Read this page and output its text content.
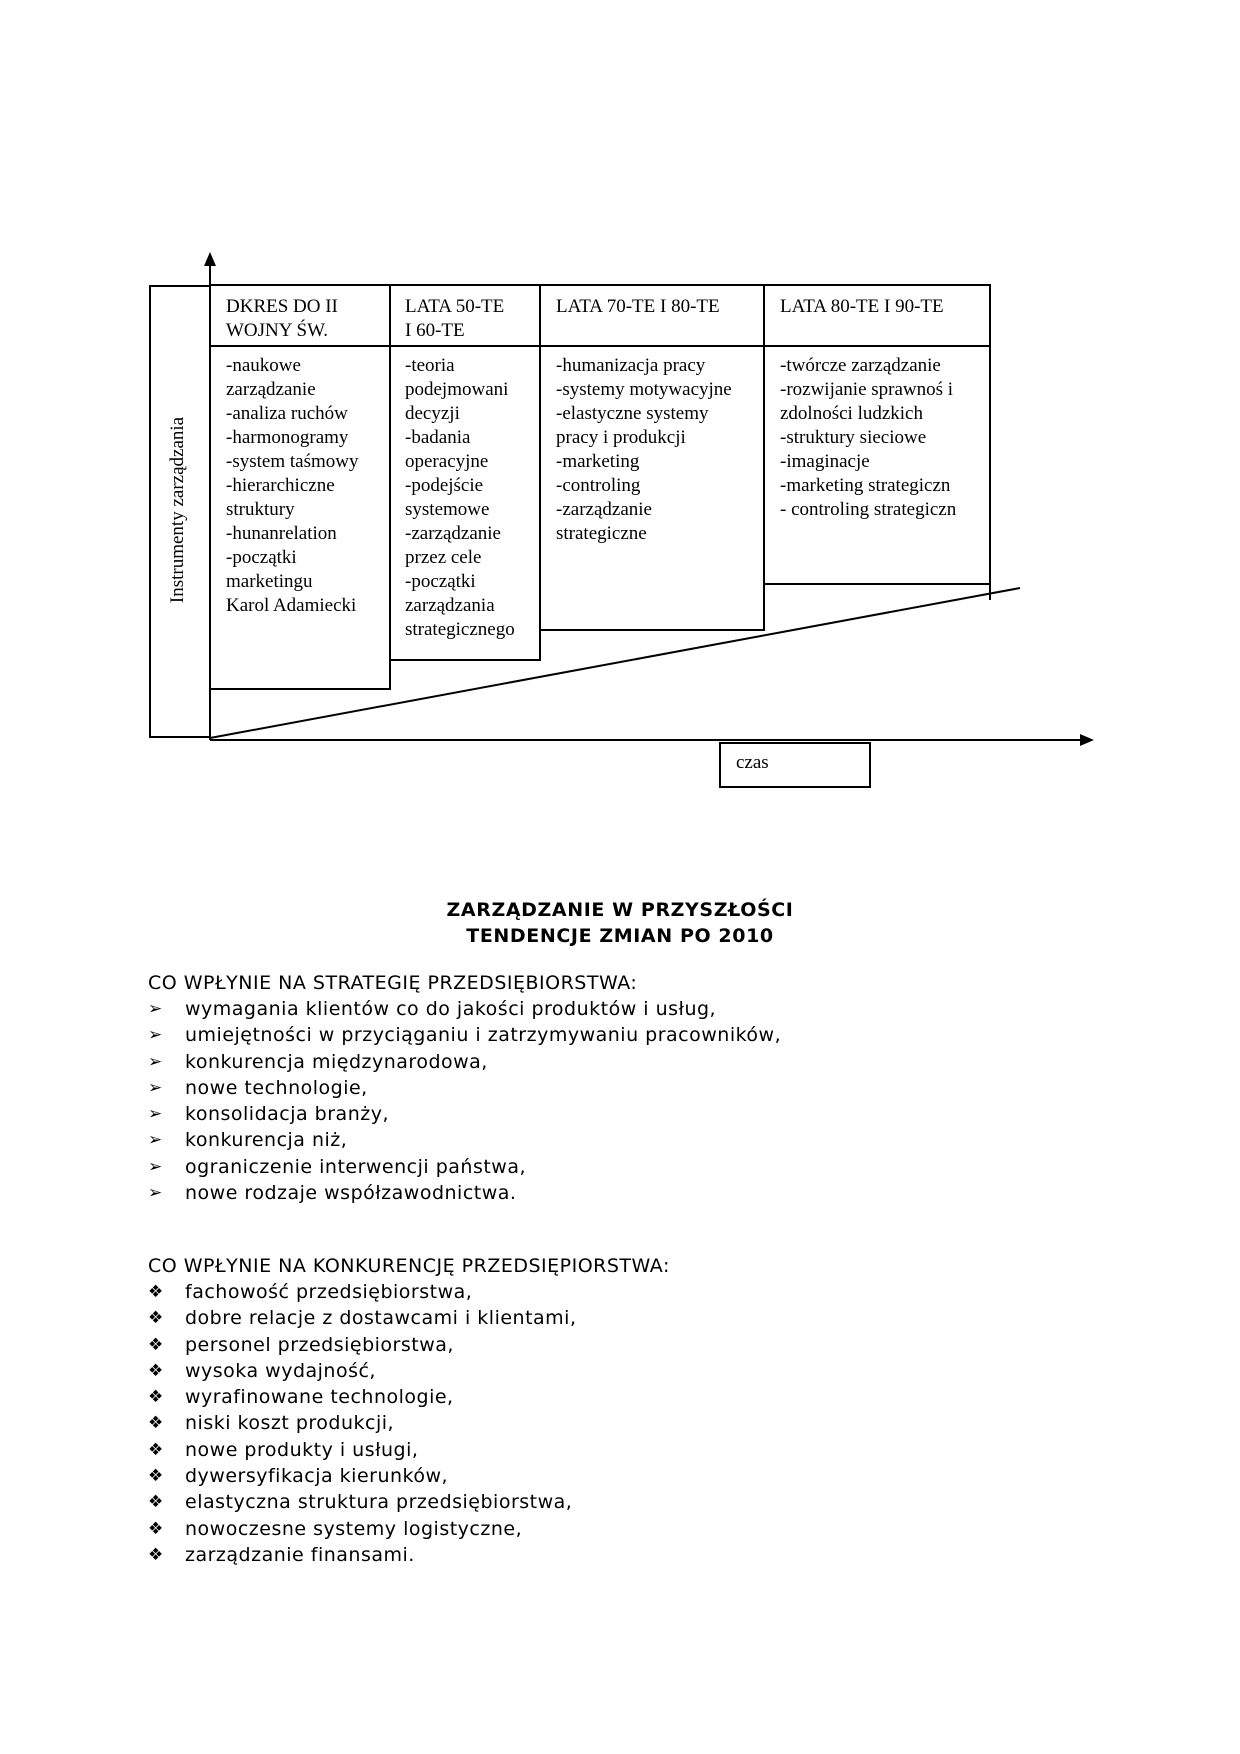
Instrumenty zarządzania
DKRES DO II
WOJNY ŚW.
-naukowe
zarządzanie
-analiza ruchów
-harmonogramy
-system taśmowy
-hierarchiczne
struktury
-hunanrelation
-początki
marketingu
Karol Adamiecki
LATA 50-TE
I 60-TE
-teoria
podejmowani
decyzji
-badania
operacyjne
-podejście
systemowe
-zarządzanie
przez cele
-początki
zarządzania
strategicznego
LATA 70-TE I 80-TE
-humanizacja pracy
-systemy motywacyjne
-elastyczne systemy
pracy i produkcji
-marketing
-controling
-zarządzanie
strategiczne
LATA 80-TE I 90-TE
-twórcze zarządzanie
-rozwijanie sprawnoś i
zdolności ludzkich
-struktury sieciowe
-imaginacje
-marketing strategiczn
- controling strategiczn
czas
ZARZĄDZANIE W PRZYSZŁOŚCI
TENDENCJE ZMIAN PO 2010
CO WPŁYNIE NA STRATEGIĘ PRZEDSIĘBIORSTWA:
➢ wymagania klientów co do jakości produktów i usług,
➢ umiejętności w przyciąganiu i zatrzymywaniu pracowników,
➢ konkurencja międzynarodowa,
➢ nowe technologie,
➢ konsolidacja branży,
➢ konkurencja niż,
➢ ograniczenie interwencji państwa,
➢ nowe rodzaje współzawodnictwa.
CO WPŁYNIE NA KONKURENCJĘ PRZEDSIĘPIORSTWA:
❖ fachowość przedsiębiorstwa,
❖ dobre relacje z dostawcami i klientami,
❖ personel przedsiębiorstwa,
❖ wysoka wydajność,
❖ wyrafinowane technologie,
❖ niski koszt produkcji,
❖ nowe produkty i usługi,
❖ dywersyfikacja kierunków,
❖ elastyczna struktura przedsiębiorstwa,
❖ nowoczesne systemy logistyczne,
❖ zarządzanie finansami.
